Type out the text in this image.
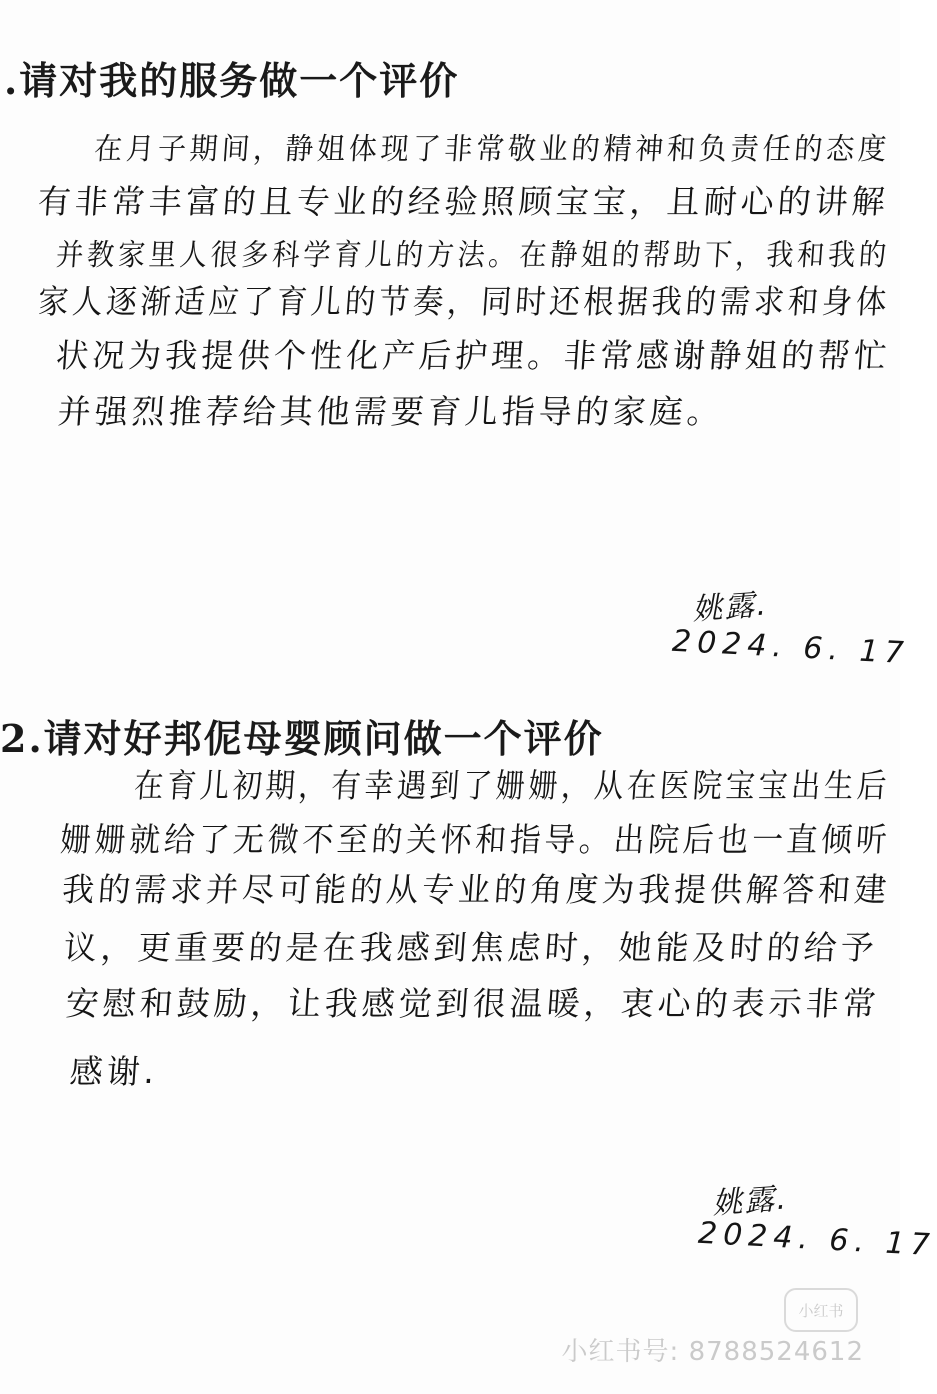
.请对我的服务做一个评价
在月子期间，静姐体现了非常敬业的精神和负责任的态度
有非常丰富的且专业的经验照顾宝宝，且耐心的讲解
并教家里人很多科学育儿的方法。在静姐的帮助下，我和我的
家人逐渐适应了育儿的节奏，同时还根据我的需求和身体
状况为我提供个性化产后护理。非常感谢静姐的帮忙
并强烈推荐给其他需要育儿指导的家庭。
姚露.
2024. 6. 17
2.请对好邦伲母婴顾问做一个评价
在育儿初期，有幸遇到了姗姗，从在医院宝宝出生后
姗姗就给了无微不至的关怀和指导。出院后也一直倾听
我的需求并尽可能的从专业的角度为我提供解答和建
议，更重要的是在我感到焦虑时，她能及时的给予
安慰和鼓励，让我感觉到很温暖，衷心的表示非常
感谢.
姚露.
2024. 6. 17
小红书
小红书号: 8788524612
